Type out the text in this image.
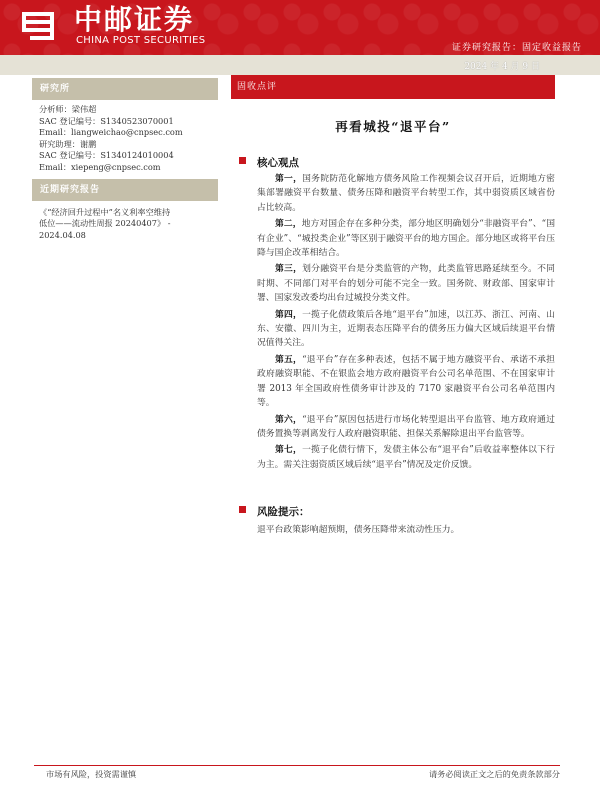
中邮证券
CHINA POST SECURITIES
证券研究报告：固定收益报告
2024 年 4 月 9 日
研究所
分析师：梁伟超
SAC 登记编号：S1340523070001
Email：liangweichao@cnpsec.com
研究助理：谢鹏
SAC 登记编号：S1340124010004
Email：xiepeng@cnpsec.com
近期研究报告
《“经济回升过程中”名义利率空维持
低位——流动性周报 20240407》 -
2024.04.08
固收点评
再看城投“退平台”
核心观点
第一，国务院防范化解地方债务风险工作视频会议召开后，近期地方密集部署融资平台数量、债务压降和融资平台转型工作，其中弱资质区域省份占比较高。
第二，地方对国企存在多种分类，部分地区明确划分“非融资平台”、“国有企业”、“城投类企业”等区别于融资平台的地方国企。部分地区或将平台压降与国企改革相结合。
第三，划分融资平台是分类监管的产物，此类监管思路延续至今。不同时期、不同部门对平台的划分可能不完全一致。国务院、财政部、国家审计署、国家发改委均出台过城投分类文件。
第四，一揽子化债政策后各地“退平台”加速，以江苏、浙江、河南、山东、安徽、四川为主，近期表态压降平台的债务压力偏大区域后续退平台情况值得关注。
第五，“退平台”存在多种表述，包括不属于地方融资平台、承诺不承担政府融资职能、不在银监会地方政府融资平台公司名单范围、不在国家审计署 2013 年全国政府性债务审计涉及的 7170 家融资平台公司名单范围内等。
第六，“退平台”原因包括进行市场化转型退出平台监管、地方政府通过债务置换等剥离发行人政府融资职能、担保关系解除退出平台监管等。
第七，一揽子化债行情下，发债主体公布“退平台”后收益率整体以下行为主。需关注弱资质区域后续“退平台”情况及定价反馈。
风险提示：
退平台政策影响超预期，债务压降带来流动性压力。
市场有风险，投资需谨慎	请务必阅读正文之后的免责条款部分
